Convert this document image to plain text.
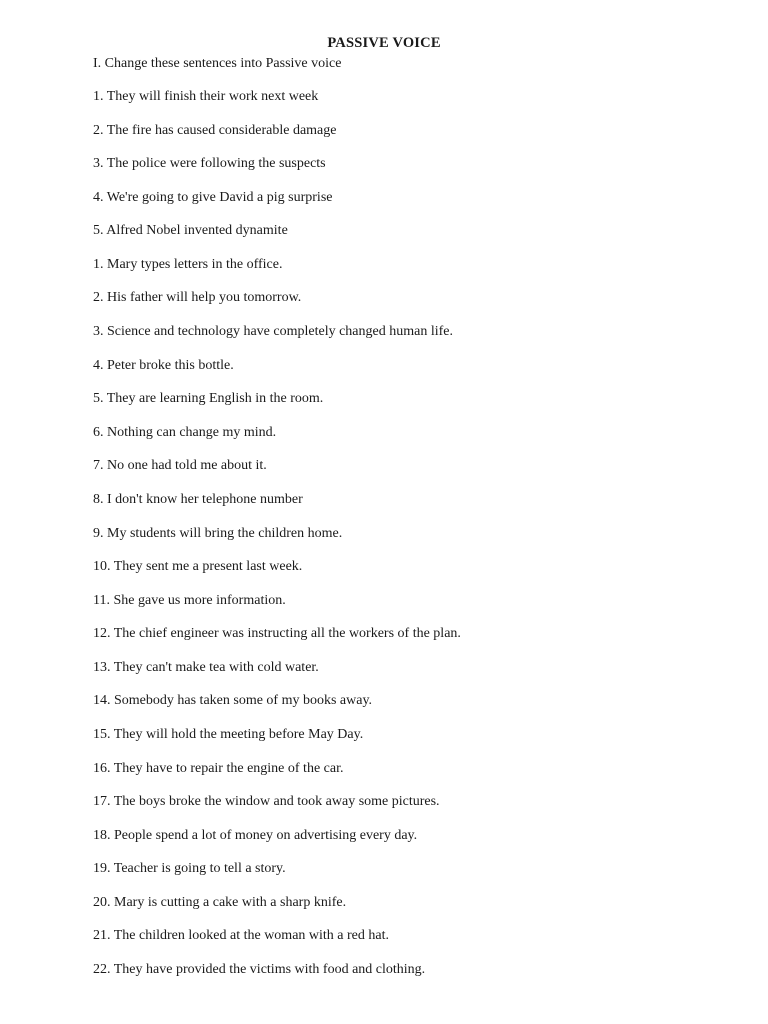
PASSIVE VOICE
I. Change these sentences into Passive voice
1. They will finish their work next week
2. The fire has caused considerable damage
3. The police were following the suspects
4. We're going to give David a pig surprise
5. Alfred Nobel invented dynamite
1. Mary types letters in the office.
2. His father will help you tomorrow.
3. Science and technology have completely changed human life.
4. Peter broke this bottle.
5. They are learning English in the room.
6. Nothing can change my mind.
7. No one had told me about it.
8. I don't know her telephone number
9. My students will bring the children home.
10. They sent me a present last week.
11. She gave us more information.
12. The chief engineer was instructing all the workers of the plan.
13. They can't make tea with cold water.
14. Somebody has taken some of my books away.
15. They will hold the meeting before May Day.
16. They have to repair the engine of the car.
17. The boys broke the window and took away some pictures.
18. People spend a lot of money on advertising every day.
19. Teacher is going to tell a story.
20. Mary is cutting a cake with a sharp knife.
21. The children looked at the woman with a red hat.
22. They have provided the victims with food and clothing.
